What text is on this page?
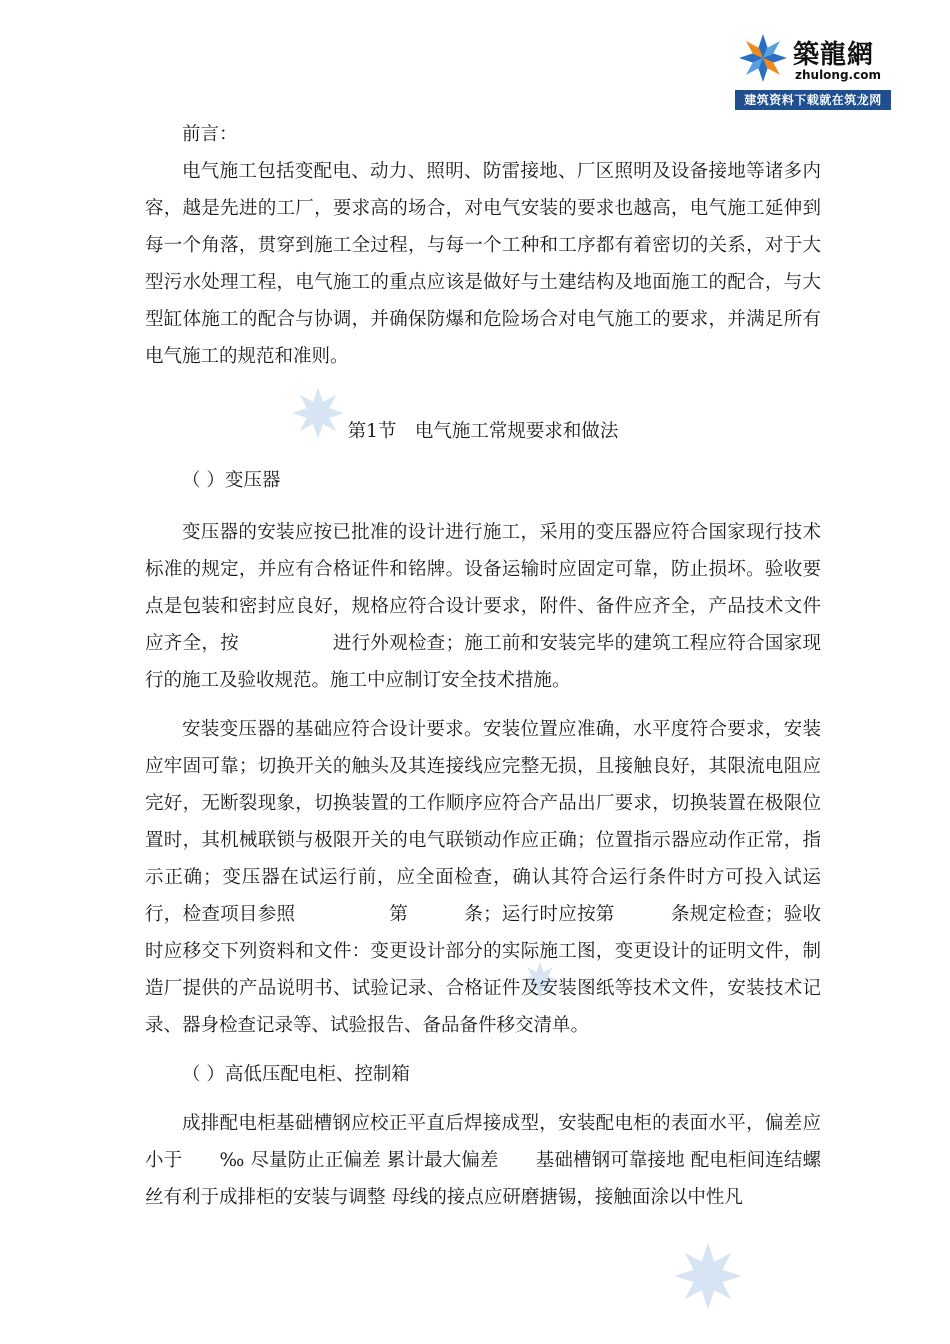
築龍網
zhulong.com
建筑资料下载就在筑龙网

前言：

电气施工包括变配电、动力、照明、防雷接地、厂区照明及设备接地等诸多内容，越是先进的工厂，要求高的场合，对电气安装的要求也越高，电气施工延伸到每一个角落，贯穿到施工全过程，与每一个工种和工序都有着密切的关系，对于大型污水处理工程，电气施工的重点应该是做好与土建结构及地面施工的配合，与大型缸体施工的配合与协调，并确保防爆和危险场合对电气施工的要求，并满足所有电气施工的规范和准则。

第1节　电气施工常规要求和做法

（ ）变压器

变压器的安装应按已批准的设计进行施工，采用的变压器应符合国家现行技术标准的规定，并应有合格证件和铭牌。设备运输时应固定可靠，防止损坏。验收要点是包装和密封应良好，规格应符合设计要求，附件、备件应齐全，产品技术文件应齐全，按　　　　　进行外观检查；施工前和安装完毕的建筑工程应符合国家现行的施工及验收规范。施工中应制订安全技术措施。

安装变压器的基础应符合设计要求。安装位置应准确，水平度符合要求，安装应牢固可靠；切换开关的触头及其连接线应完整无损，且接触良好，其限流电阻应完好，无断裂现象，切换装置的工作顺序应符合产品出厂要求，切换装置在极限位置时，其机械联锁与极限开关的电气联锁动作应正确；位置指示器应动作正常，指示正确；变压器在试运行前，应全面检查，确认其符合运行条件时方可投入试运行，检查项目参照　　　　　第　　　条；运行时应按第　　　条规定检查；验收时应移交下列资料和文件：变更设计部分的实际施工图，变更设计的证明文件，制造厂提供的产品说明书、试验记录、合格证件及安装图纸等技术文件，安装技术记录、器身检查记录等、试验报告、备品备件移交清单。

（ ）高低压配电柜、控制箱

成排配电柜基础槽钢应校正平直后焊接成型，安装配电柜的表面水平，偏差应小于　　‰ 尽量防止正偏差 累计最大偏差　　基础槽钢可靠接地 配电柜间连结螺丝有利于成排柜的安装与调整 母线的接点应研磨搪锡，接触面涂以中性凡
